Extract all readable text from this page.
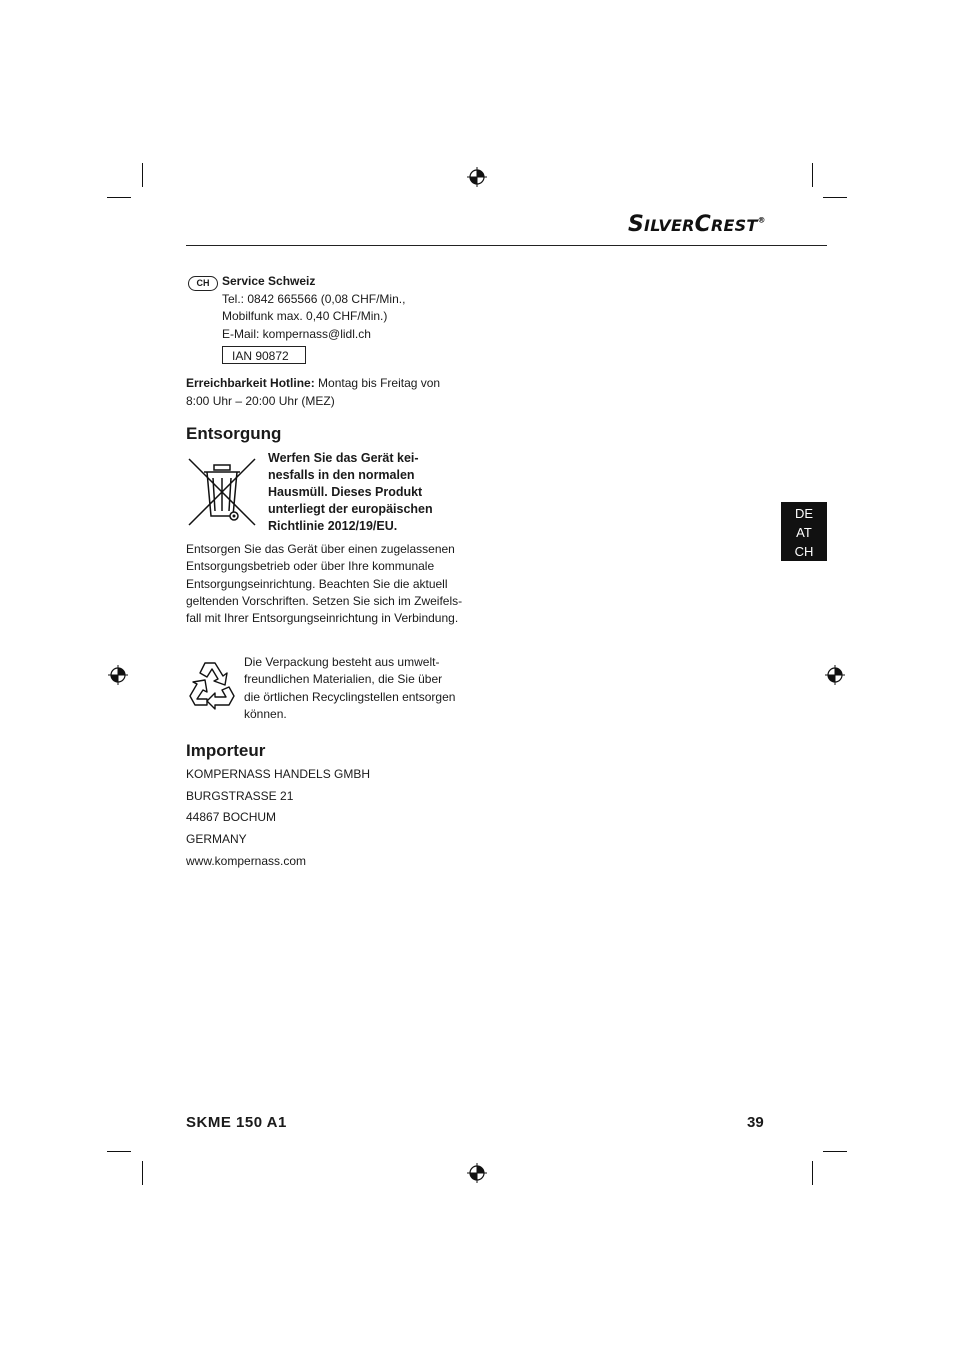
SILVERCREST®
CH	Service Schweiz
Tel.: 0842 665566 (0,08 CHF/Min.,
Mobilfunk max. 0,40 CHF/Min.)
E-Mail: kompernass@lidl.ch
IAN 90872
Erreichbarkeit Hotline: Montag bis Freitag von
8:00 Uhr – 20:00 Uhr (MEZ)
Entsorgung
Werfen Sie das Gerät kei-
nesfalls in den normalen
Hausmüll. Dieses Produkt
unterliegt der europäischen
Richtlinie 2012/19/EU.
Entsorgen Sie das Gerät über einen zugelassenen
Entsorgungsbetrieb oder über Ihre kommunale
Entsorgungseinrichtung. Beachten Sie die aktuell
geltenden Vorschriften. Setzen Sie sich im Zweifels-
fall mit Ihrer Entsorgungseinrichtung in Verbindung.
Die Verpackung besteht aus umwelt-
freundlichen Materialien, die Sie über
die örtlichen Recyclingstellen entsorgen
können.
Importeur
KOMPERNASS HANDELS GMBH
BURGSTRASSE 21
44867 BOCHUM
GERMANY
www.kompernass.com
DE
AT
CH
SKME 150 A1	39
